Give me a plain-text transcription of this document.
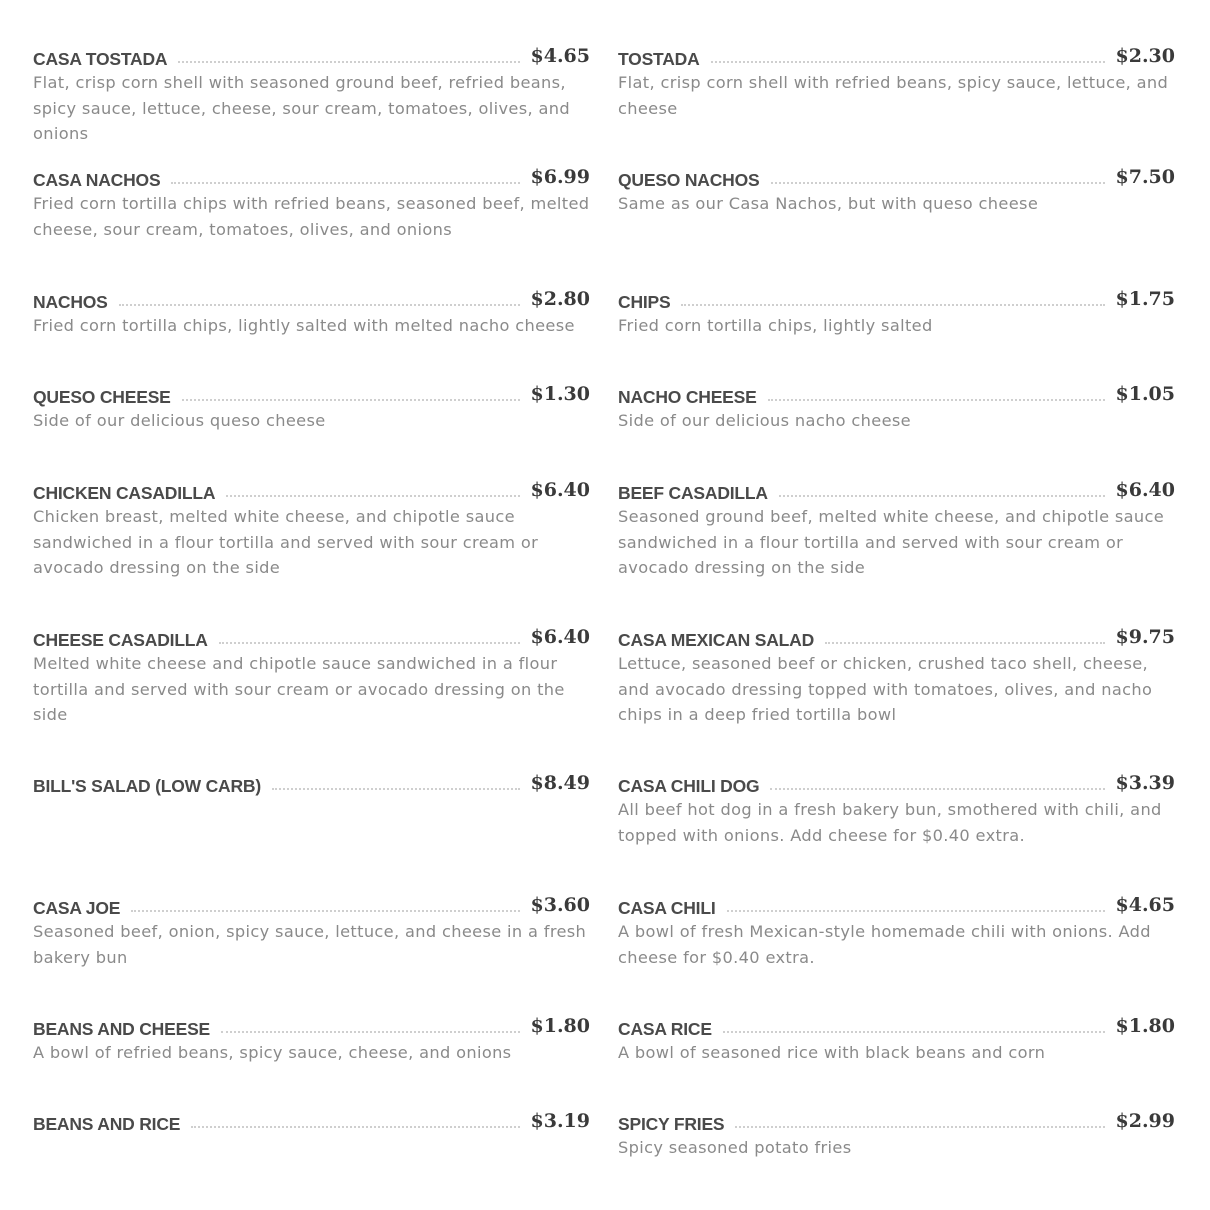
CASA TOSTADA	$4.65
Flat, crisp corn shell with seasoned ground beef, refried beans, spicy sauce, lettuce, cheese, sour cream, tomatoes, olives, and onions
CASA NACHOS	$6.99
Fried corn tortilla chips with refried beans, seasoned beef, melted cheese, sour cream, tomatoes, olives, and onions
NACHOS	$2.80
Fried corn tortilla chips, lightly salted with melted nacho cheese
QUESO CHEESE	$1.30
Side of our delicious queso cheese
CHICKEN CASADILLA	$6.40
Chicken breast, melted white cheese, and chipotle sauce sandwiched in a flour tortilla and served with sour cream or avocado dressing on the side
CHEESE CASADILLA	$6.40
Melted white cheese and chipotle sauce sandwiched in a flour tortilla and served with sour cream or avocado dressing on the side
BILL'S SALAD (LOW CARB)	$8.49
CASA JOE	$3.60
Seasoned beef, onion, spicy sauce, lettuce, and cheese in a fresh bakery bun
BEANS AND CHEESE	$1.80
A bowl of refried beans, spicy sauce, cheese, and onions
BEANS AND RICE	$3.19
TOSTADA	$2.30
Flat, crisp corn shell with refried beans, spicy sauce, lettuce, and cheese
QUESO NACHOS	$7.50
Same as our Casa Nachos, but with queso cheese
CHIPS	$1.75
Fried corn tortilla chips, lightly salted
NACHO CHEESE	$1.05
Side of our delicious nacho cheese
BEEF CASADILLA	$6.40
Seasoned ground beef, melted white cheese, and chipotle sauce sandwiched in a flour tortilla and served with sour cream or avocado dressing on the side
CASA MEXICAN SALAD	$9.75
Lettuce, seasoned beef or chicken, crushed taco shell, cheese, and avocado dressing topped with tomatoes, olives, and nacho chips in a deep fried tortilla bowl
CASA CHILI DOG	$3.39
All beef hot dog in a fresh bakery bun, smothered with chili, and topped with onions. Add cheese for $0.40 extra.
CASA CHILI	$4.65
A bowl of fresh Mexican-style homemade chili with onions. Add cheese for $0.40 extra.
CASA RICE	$1.80
A bowl of seasoned rice with black beans and corn
SPICY FRIES	$2.99
Spicy seasoned potato fries
